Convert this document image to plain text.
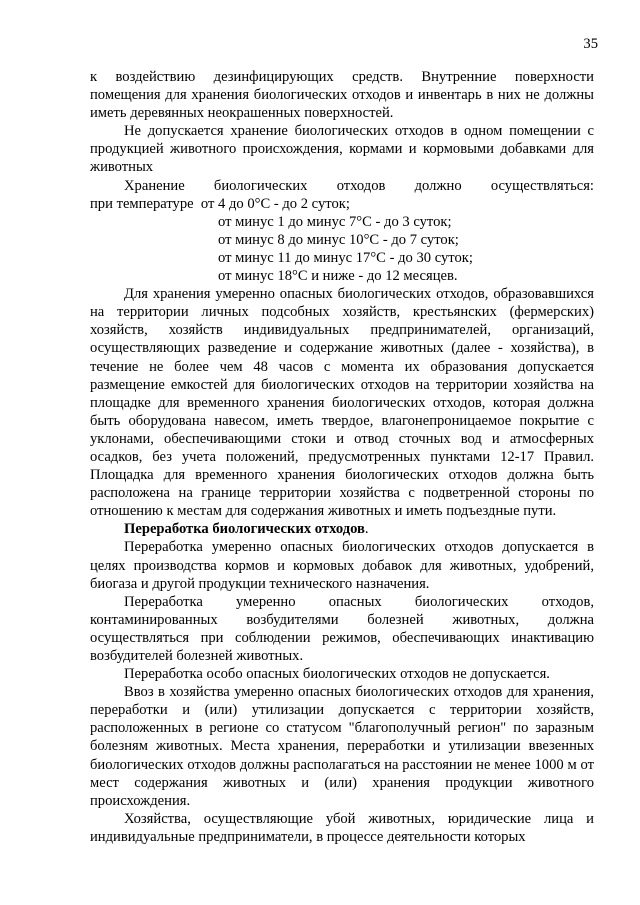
35

к воздействию дезинфицирующих средств. Внутренние поверхности помещения для хранения биологических отходов и инвентарь в них не должны иметь деревянных неокрашенных поверхностей.

Не допускается хранение биологических отходов в одном помещении с продукцией животного происхождения, кормами и кормовыми добавками для животных

Хранение биологических отходов должно осуществляться:
при температуре  от 4 до 0°С - до 2 суток;
от минус 1 до минус 7°С - до 3 суток;
от минус 8 до минус 10°С - до 7 суток;
от минус 11 до минус 17°С - до 30 суток;
от минус 18°С и ниже - до 12 месяцев.

Для хранения умеренно опасных биологических отходов, образовавшихся на территории личных подсобных хозяйств, крестьянских (фермерских) хозяйств, хозяйств индивидуальных предпринимателей, организаций, осуществляющих разведение и содержание животных (далее - хозяйства), в течение не более чем 48 часов с момента их образования допускается размещение емкостей для биологических отходов на территории хозяйства на площадке для временного хранения биологических отходов, которая должна быть оборудована навесом, иметь твердое, влагонепроницаемое покрытие с уклонами, обеспечивающими стоки и отвод сточных вод и атмосферных осадков, без учета положений, предусмотренных пунктами 12-17 Правил. Площадка для временного хранения биологических отходов должна быть расположена на границе территории хозяйства с подветренной стороны по отношению к местам для содержания животных и иметь подъездные пути.

Переработка биологических отходов.

Переработка умеренно опасных биологических отходов допускается в целях производства кормов и кормовых добавок для животных, удобрений, биогаза и другой продукции технического назначения.

Переработка умеренно опасных биологических отходов, контаминированных возбудителями болезней животных, должна осуществляться при соблюдении режимов, обеспечивающих инактивацию возбудителей болезней животных.

Переработка особо опасных биологических отходов не допускается.

Ввоз в хозяйства умеренно опасных биологических отходов для хранения, переработки и (или) утилизации допускается с территории хозяйств, расположенных в регионе со статусом "благополучный регион" по заразным болезням животных. Места хранения, переработки и утилизации ввезенных биологических отходов должны располагаться на расстоянии не менее 1000 м от мест содержания животных и (или) хранения продукции животного происхождения.

Хозяйства, осуществляющие убой животных, юридические лица и индивидуальные предприниматели, в процессе деятельности которых
